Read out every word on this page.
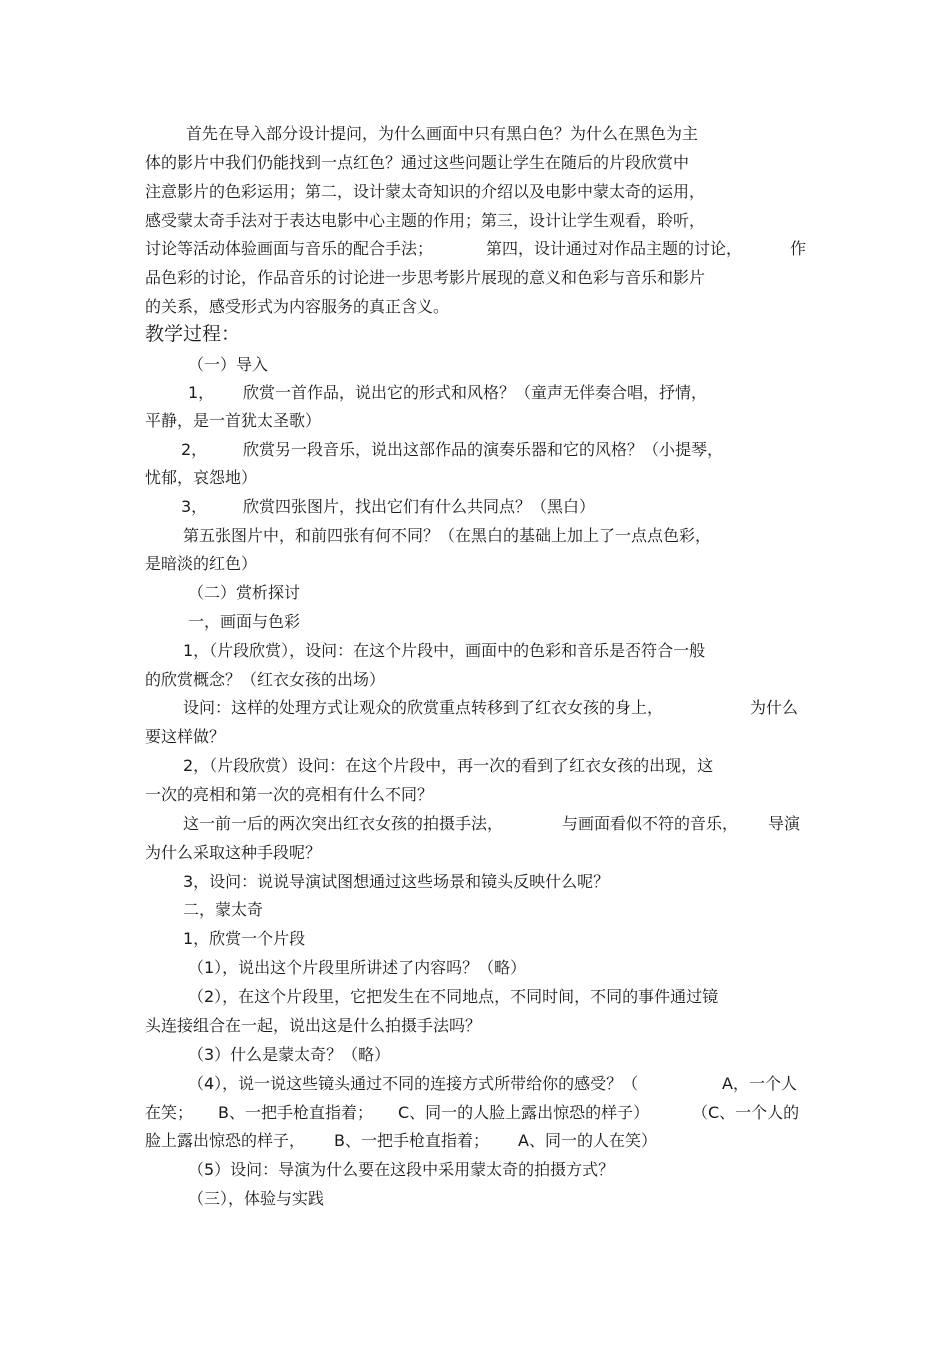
首先在导入部分设计提问，为什么画面中只有黑白色？为什么在黑色为主
体的影片中我们仍能找到一点红色？通过这些问题让学生在随后的片段欣赏中
注意影片的色彩运用；第二，设计蒙太奇知识的介绍以及电影中蒙太奇的运用，
感受蒙太奇手法对于表达电影中心主题的作用；第三，设计让学生观看，聆听，
讨论等活动体验画面与音乐的配合手法；	第四，设计通过对作品主题的讨论，	作
品色彩的讨论，作品音乐的讨论进一步思考影片展现的意义和色彩与音乐和影片
的关系，感受形式为内容服务的真正含义。
教学过程：
（一）导入
1， 欣赏一首作品，说出它的形式和风格？（童声无伴奏合唱，抒情，
平静，是一首犹太圣歌）
2， 欣赏另一段音乐，说出这部作品的演奏乐器和它的风格？（小提琴，
忧郁，哀怨地）
3， 欣赏四张图片，找出它们有什么共同点？（黑白）
第五张图片中，和前四张有何不同？（在黑白的基础上加上了一点点色彩，
是暗淡的红色）
（二）赏析探讨
一，画面与色彩
1，（片段欣赏），设问：在这个片段中，画面中的色彩和音乐是否符合一般
的欣赏概念？（红衣女孩的出场）
设问：这样的处理方式让观众的欣赏重点转移到了红衣女孩的身上，	为什么
要这样做？
2，（片段欣赏）设问：在这个片段中，再一次的看到了红衣女孩的出现，这
一次的亮相和第一次的亮相有什么不同？
这一前一后的两次突出红衣女孩的拍摄手法，	与画面看似不符的音乐， 导演
为什么采取这种手段呢？
3，设问：说说导演试图想通过这些场景和镜头反映什么呢？
二，蒙太奇
1，欣赏一个片段
（1），说出这个片段里所讲述了内容吗？（略）
（2），在这个片段里，它把发生在不同地点，不同时间，不同的事件通过镜
头连接组合在一起，说出这是什么拍摄手法吗？
（3）什么是蒙太奇？（略）
（4），说一说这些镜头通过不同的连接方式所带给你的感受？（	A，一个人
在笑； B、一把手枪直指着； C、同一的人脸上露出惊恐的样子）	（C、一个人的
脸上露出惊恐的样子， B、一把手枪直指着； A、同一的人在笑）
（5）设问：导演为什么要在这段中采用蒙太奇的拍摄方式？
（三），体验与实践
